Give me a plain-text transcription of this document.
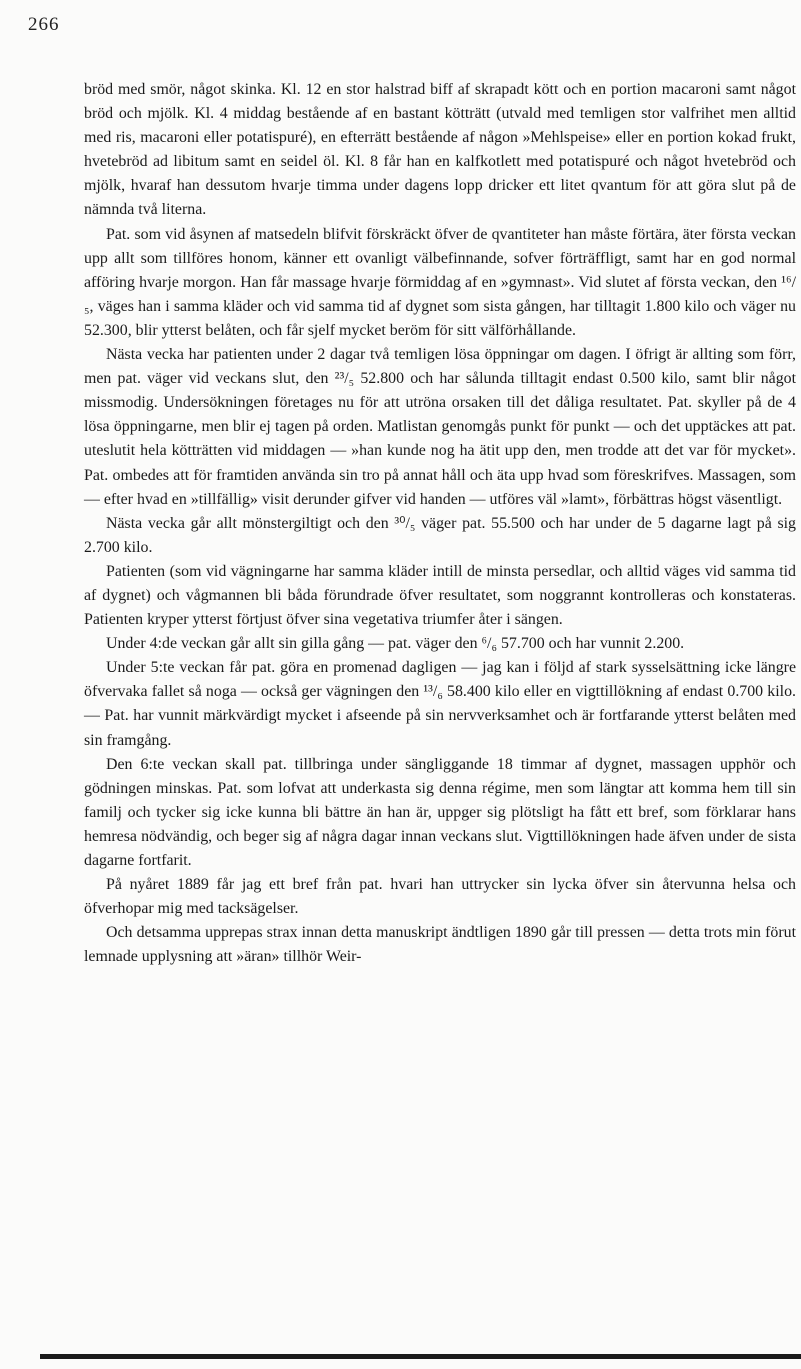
266

bröd med smör, något skinka. Kl. 12 en stor halstrad biff af skrapadt kött och en portion macaroni samt något bröd och mjölk. Kl. 4 middag bestående af en bastant kötträtt (utvald med temligen stor valfrihet men alltid med ris, macaroni eller potatispuré), en efterrätt bestående af någon »Mehlspeise» eller en portion kokad frukt, hvetebröd ad libitum samt en seidel öl. Kl. 8 får han en kalfkotlett med potatispuré och något hvetebröd och mjölk, hvaraf han dessutom hvarje timma under dagens lopp dricker ett litet qvantum för att göra slut på de nämnda två literna.

Pat. som vid åsynen af matsedeln blifvit förskräckt öfver de qvantiteter han måste förtära, äter första veckan upp allt som tillföres honom, känner ett ovanligt välbefinnande, sofver förträffligt, samt har en god normal afföring hvarje morgon. Han får massage hvarje förmiddag af en »gymnast». Vid slutet af första veckan, den ¹⁶/₅, väges han i samma kläder och vid samma tid af dygnet som sista gången, har tilltagit 1.800 kilo och väger nu 52.300, blir ytterst belåten, och får sjelf mycket beröm för sitt välförhållande.

Nästa vecka har patienten under 2 dagar två temligen lösa öppningar om dagen. I öfrigt är allting som förr, men pat. väger vid veckans slut, den ²³/₅ 52.800 och har sålunda tilltagit endast 0.500 kilo, samt blir något missmodig. Undersökningen företages nu för att utröna orsaken till det dåliga resultatet. Pat. skyller på de 4 lösa öppningarne, men blir ej tagen på orden. Matlistan genomgås punkt för punkt — och det upptäckes att pat. uteslutit hela kötträtten vid middagen — »han kunde nog ha ätit upp den, men trodde att det var för mycket». Pat. ombedes att för framtiden använda sin tro på annat håll och äta upp hvad som föreskrifves. Massagen, som — efter hvad en »tillfällig» visit derunder gifver vid handen — utföres väl »lamt», förbättras högst väsentligt.

Nästa vecka går allt mönstergiltigt och den ³⁰/₅ väger pat. 55.500 och har under de 5 dagarne lagt på sig 2.700 kilo.

Patienten (som vid vägningarne har samma kläder intill de minsta persedlar, och alltid väges vid samma tid af dygnet) och vågmannen bli båda förundrade öfver resultatet, som noggrannt kontrolleras och konstateras. Patienten kryper ytterst förtjust öfver sina vegetativa triumfer åter i sängen.

Under 4:de veckan går allt sin gilla gång — pat. väger den ⁶/₆ 57.700 och har vunnit 2.200.

Under 5:te veckan får pat. göra en promenad dagligen — jag kan i följd af stark sysselsättning icke längre öfvervaka fallet så noga — också ger vägningen den ¹³/₆ 58.400 kilo eller en vigttillökning af endast 0.700 kilo. — Pat. har vunnit märkvärdigt mycket i afseende på sin nervverksamhet och är fortfarande ytterst belåten med sin framgång.

Den 6:te veckan skall pat. tillbringa under sängliggande 18 timmar af dygnet, massagen upphör och gödningen minskas. Pat. som lofvat att underkasta sig denna régime, men som längtar att komma hem till sin familj och tycker sig icke kunna bli bättre än han är, uppger sig plötsligt ha fått ett bref, som förklarar hans hemresa nödvändig, och beger sig af några dagar innan veckans slut. Vigttillökningen hade äfven under de sista dagarne fortfarit.

På nyåret 1889 får jag ett bref från pat. hvari han uttrycker sin lycka öfver sin återvunna helsa och öfverhopar mig med tacksägelser.

Och detsamma upprepas strax innan detta manuskript ändtligen 1890 går till pressen — detta trots min förut lemnade upplysning att »äran» tillhör Weir-
